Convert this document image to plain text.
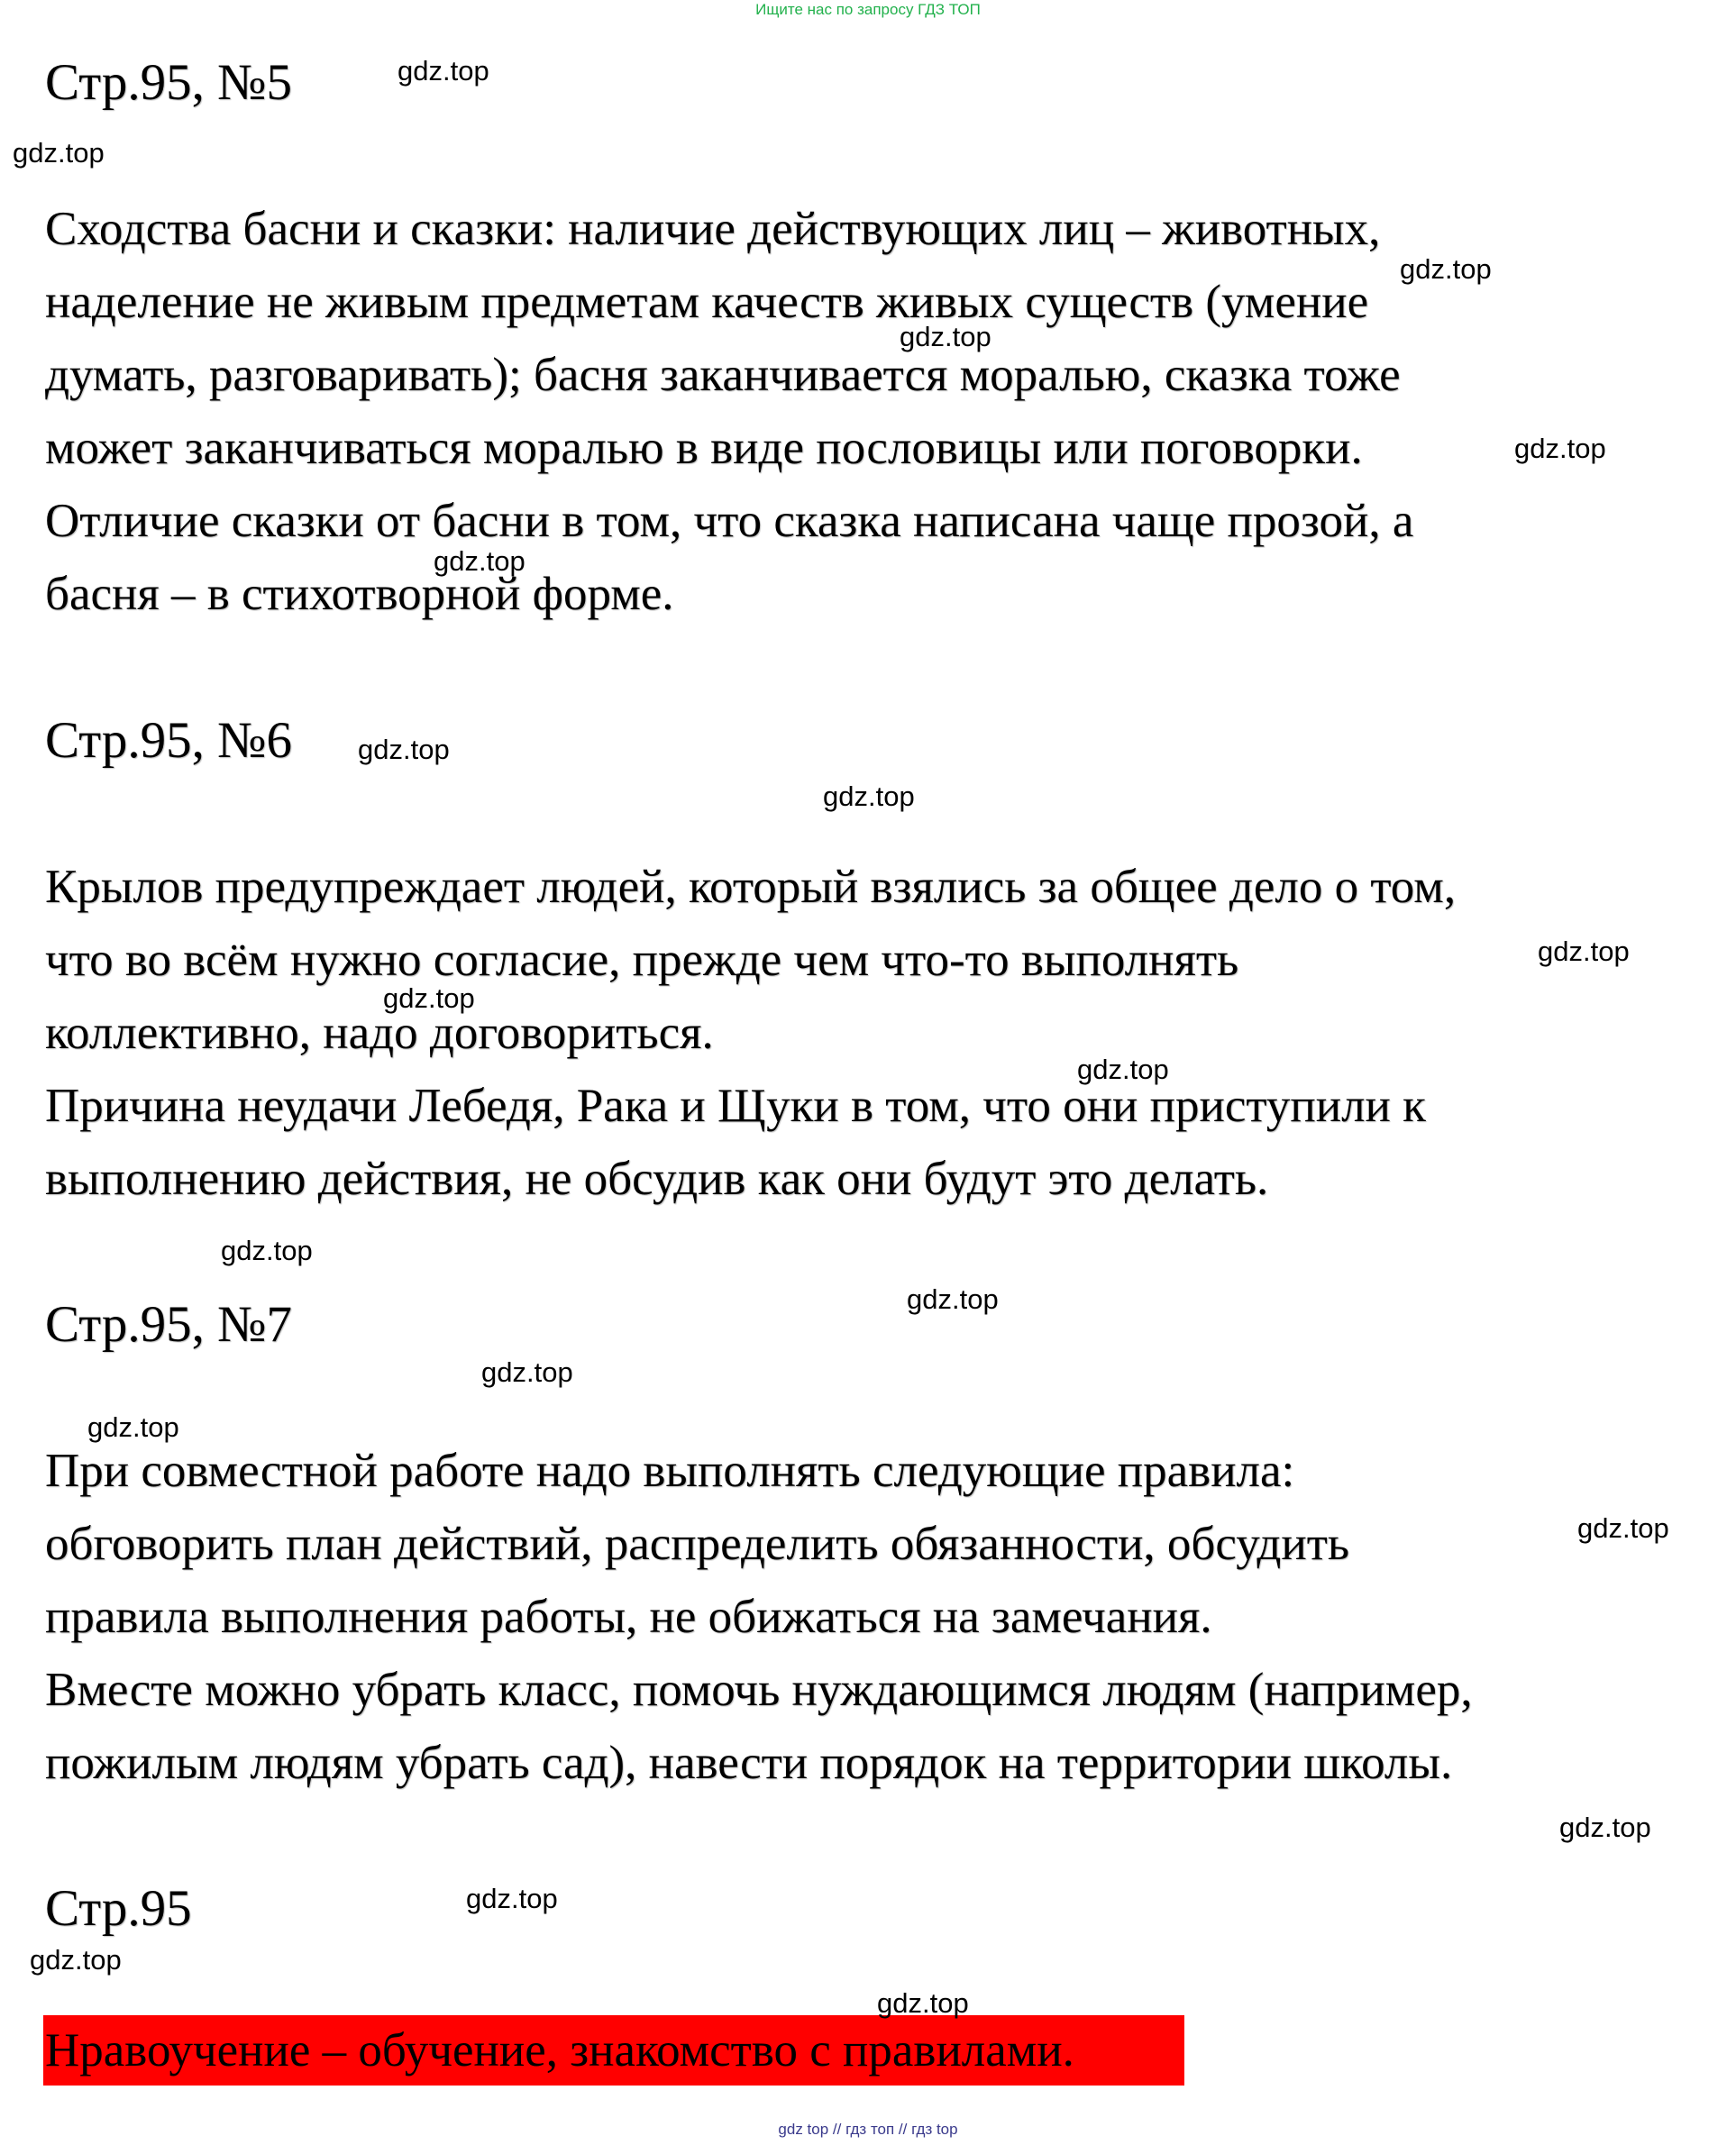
Ищите нас по запросу ГДЗ ТОП
Стр.95, №5
Сходства басни и сказки: наличие действующих лиц – животных,
наделение не живым предметам качеств живых существ (умение
думать, разговаривать); басня заканчивается моралью, сказка тоже
может заканчиваться моралью в виде пословицы или поговорки.
Отличие сказки от басни в том, что сказка написана чаще прозой, а
басня – в стихотворной форме.
Стр.95, №6
Крылов предупреждает людей, который взялись за общее дело о том,
что во всём нужно согласие, прежде чем что-то выполнять
коллективно, надо договориться.
Причина неудачи Лебедя, Рака и Щуки в том, что они приступили к
выполнению действия, не обсудив как они будут это делать.
Стр.95, №7
При совместной работе надо выполнять следующие правила:
обговорить план действий, распределить обязанности, обсудить
правила выполнения работы, не обижаться на замечания.
Вместе можно убрать класс, помочь нуждающимся людям (например,
пожилым людям убрать сад), навести порядок на территории школы.
Стр.95
Нравоучение – обучение, знакомство с правилами.
gdz.top
gdz.top
gdz.top
gdz.top
gdz.top
gdz.top
gdz.top
gdz.top
gdz.top
gdz.top
gdz.top
gdz.top
gdz.top
gdz.top
gdz.top
gdz.top
gdz.top
gdz.top
gdz.top
gdz.top
gdz top // гдз топ // гдз top
